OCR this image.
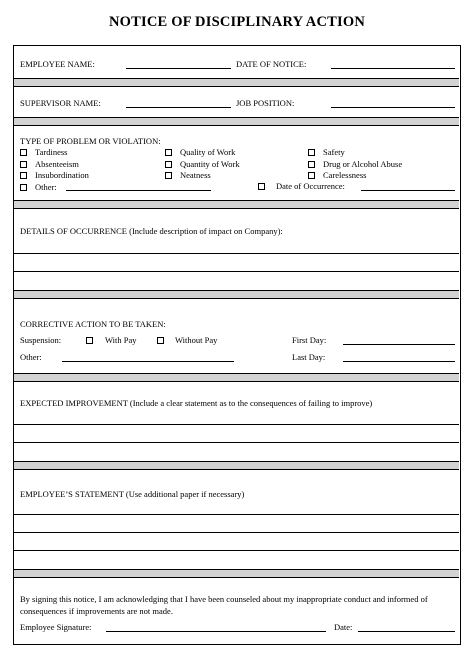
NOTICE OF DISCIPLINARY ACTION
EMPLOYEE NAME:	DATE OF NOTICE:
SUPERVISOR NAME:	JOB POSITION:
TYPE OF PROBLEM OR VIOLATION:
Tardiness
Absenteeism
Insubordination
Other:
Quality of Work
Quantity of Work
Neatness
Safety
Drug or Alcohol Abuse
Carelessness
Date of Occurrence:
DETAILS OF OCCURRENCE (Include description of impact on Company):
CORRECTIVE ACTION TO BE TAKEN:
Suspension:	With Pay	Without Pay	First Day:
Other:	Last Day:
EXPECTED IMPROVEMENT (Include a clear statement as to the consequences of failing to improve)
EMPLOYEE’S STATEMENT (Use additional paper if necessary)
By signing this notice, I am acknowledging that I have been counseled about my inappropriate conduct and informed of consequences if improvements are not made.
Employee Signature:	Date:
